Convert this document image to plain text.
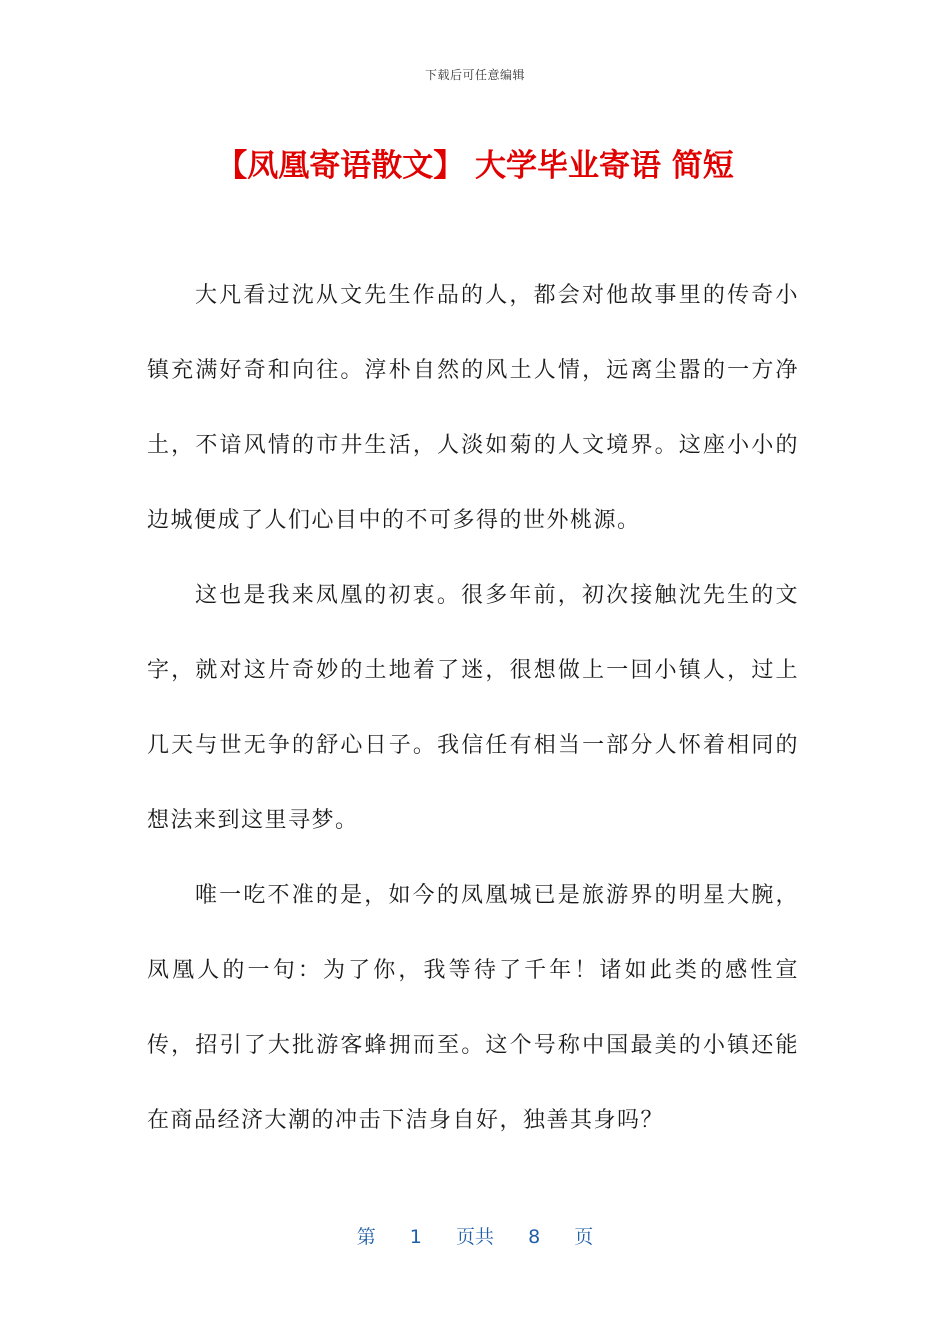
下载后可任意编辑
【凤凰寄语散文】 大学毕业寄语 简短

大凡看过沈从文先生作品的人，都会对他故事里的传奇小镇充满好奇和向往。淳朴自然的风土人情，远离尘嚣的一方净土，不谙风情的市井生活，人淡如菊的人文境界。这座小小的边城便成了人们心目中的不可多得的世外桃源。

这也是我来凤凰的初衷。很多年前，初次接触沈先生的文字，就对这片奇妙的土地着了迷，很想做上一回小镇人，过上几天与世无争的舒心日子。我信任有相当一部分人怀着相同的想法来到这里寻梦。

唯一吃不准的是，如今的凤凰城已是旅游界的明星大腕，凤凰人的一句：为了你，我等待了千年！诸如此类的感性宣传，招引了大批游客蜂拥而至。这个号称中国最美的小镇还能在商品经济大潮的冲击下洁身自好，独善其身吗？

第 1 页共 8 页
